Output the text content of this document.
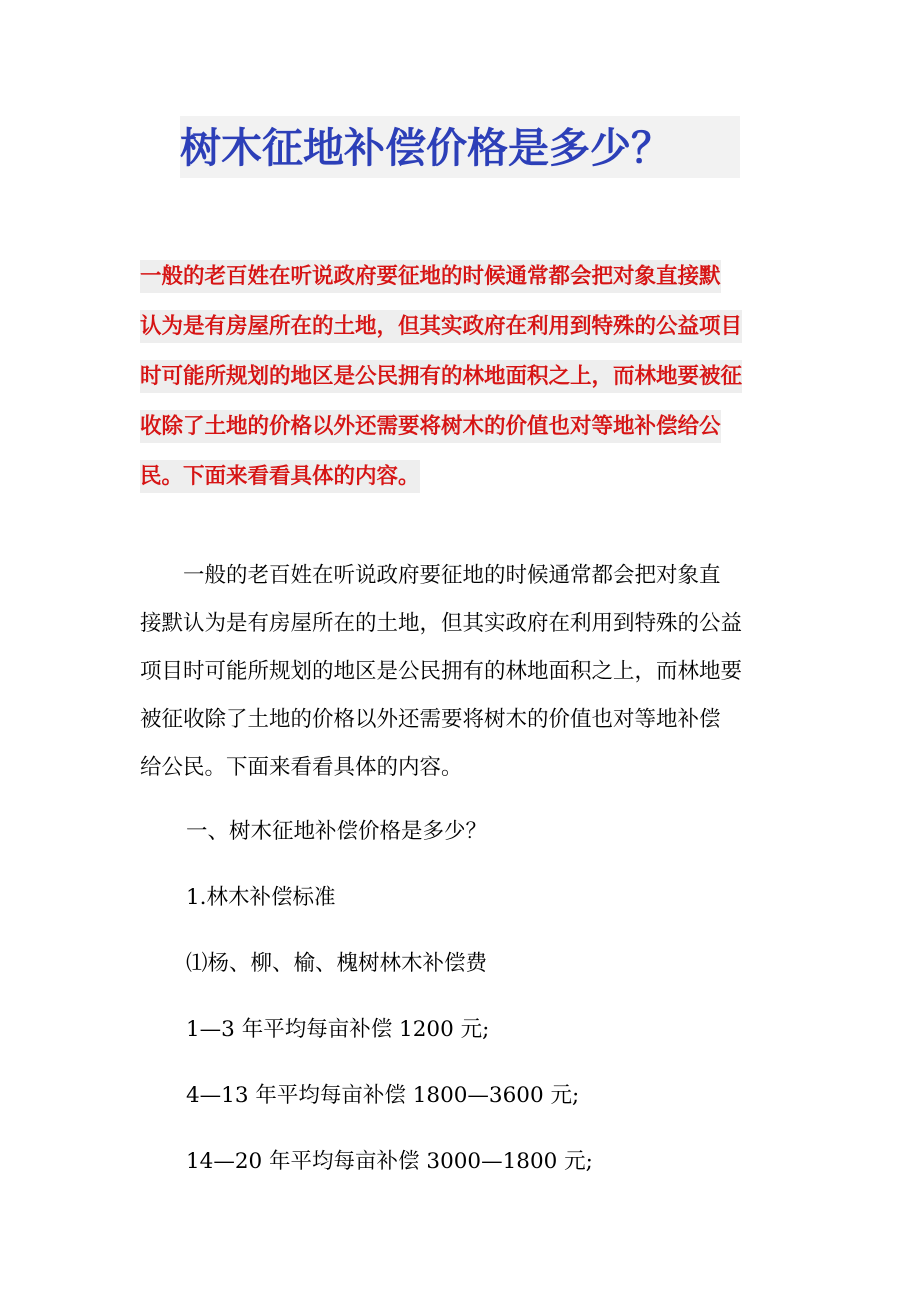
树木征地补偿价格是多少？
一般的老百姓在听说政府要征地的时候通常都会把对象直接默
认为是有房屋所在的土地，但其实政府在利用到特殊的公益项目
时可能所规划的地区是公民拥有的林地面积之上，而林地要被征
收除了土地的价格以外还需要将树木的价值也对等地补偿给公
民。下面来看看具体的内容。
　　一般的老百姓在听说政府要征地的时候通常都会把对象直
接默认为是有房屋所在的土地，但其实政府在利用到特殊的公益
项目时可能所规划的地区是公民拥有的林地面积之上，而林地要
被征收除了土地的价格以外还需要将树木的价值也对等地补偿
给公民。下面来看看具体的内容。
一、树木征地补偿价格是多少？
1.林木补偿标准
⑴杨、柳、榆、槐树林木补偿费
1—3 年平均每亩补偿 1200 元;
4—13 年平均每亩补偿 1800—3600 元;
14—20 年平均每亩补偿 3000—1800 元;
